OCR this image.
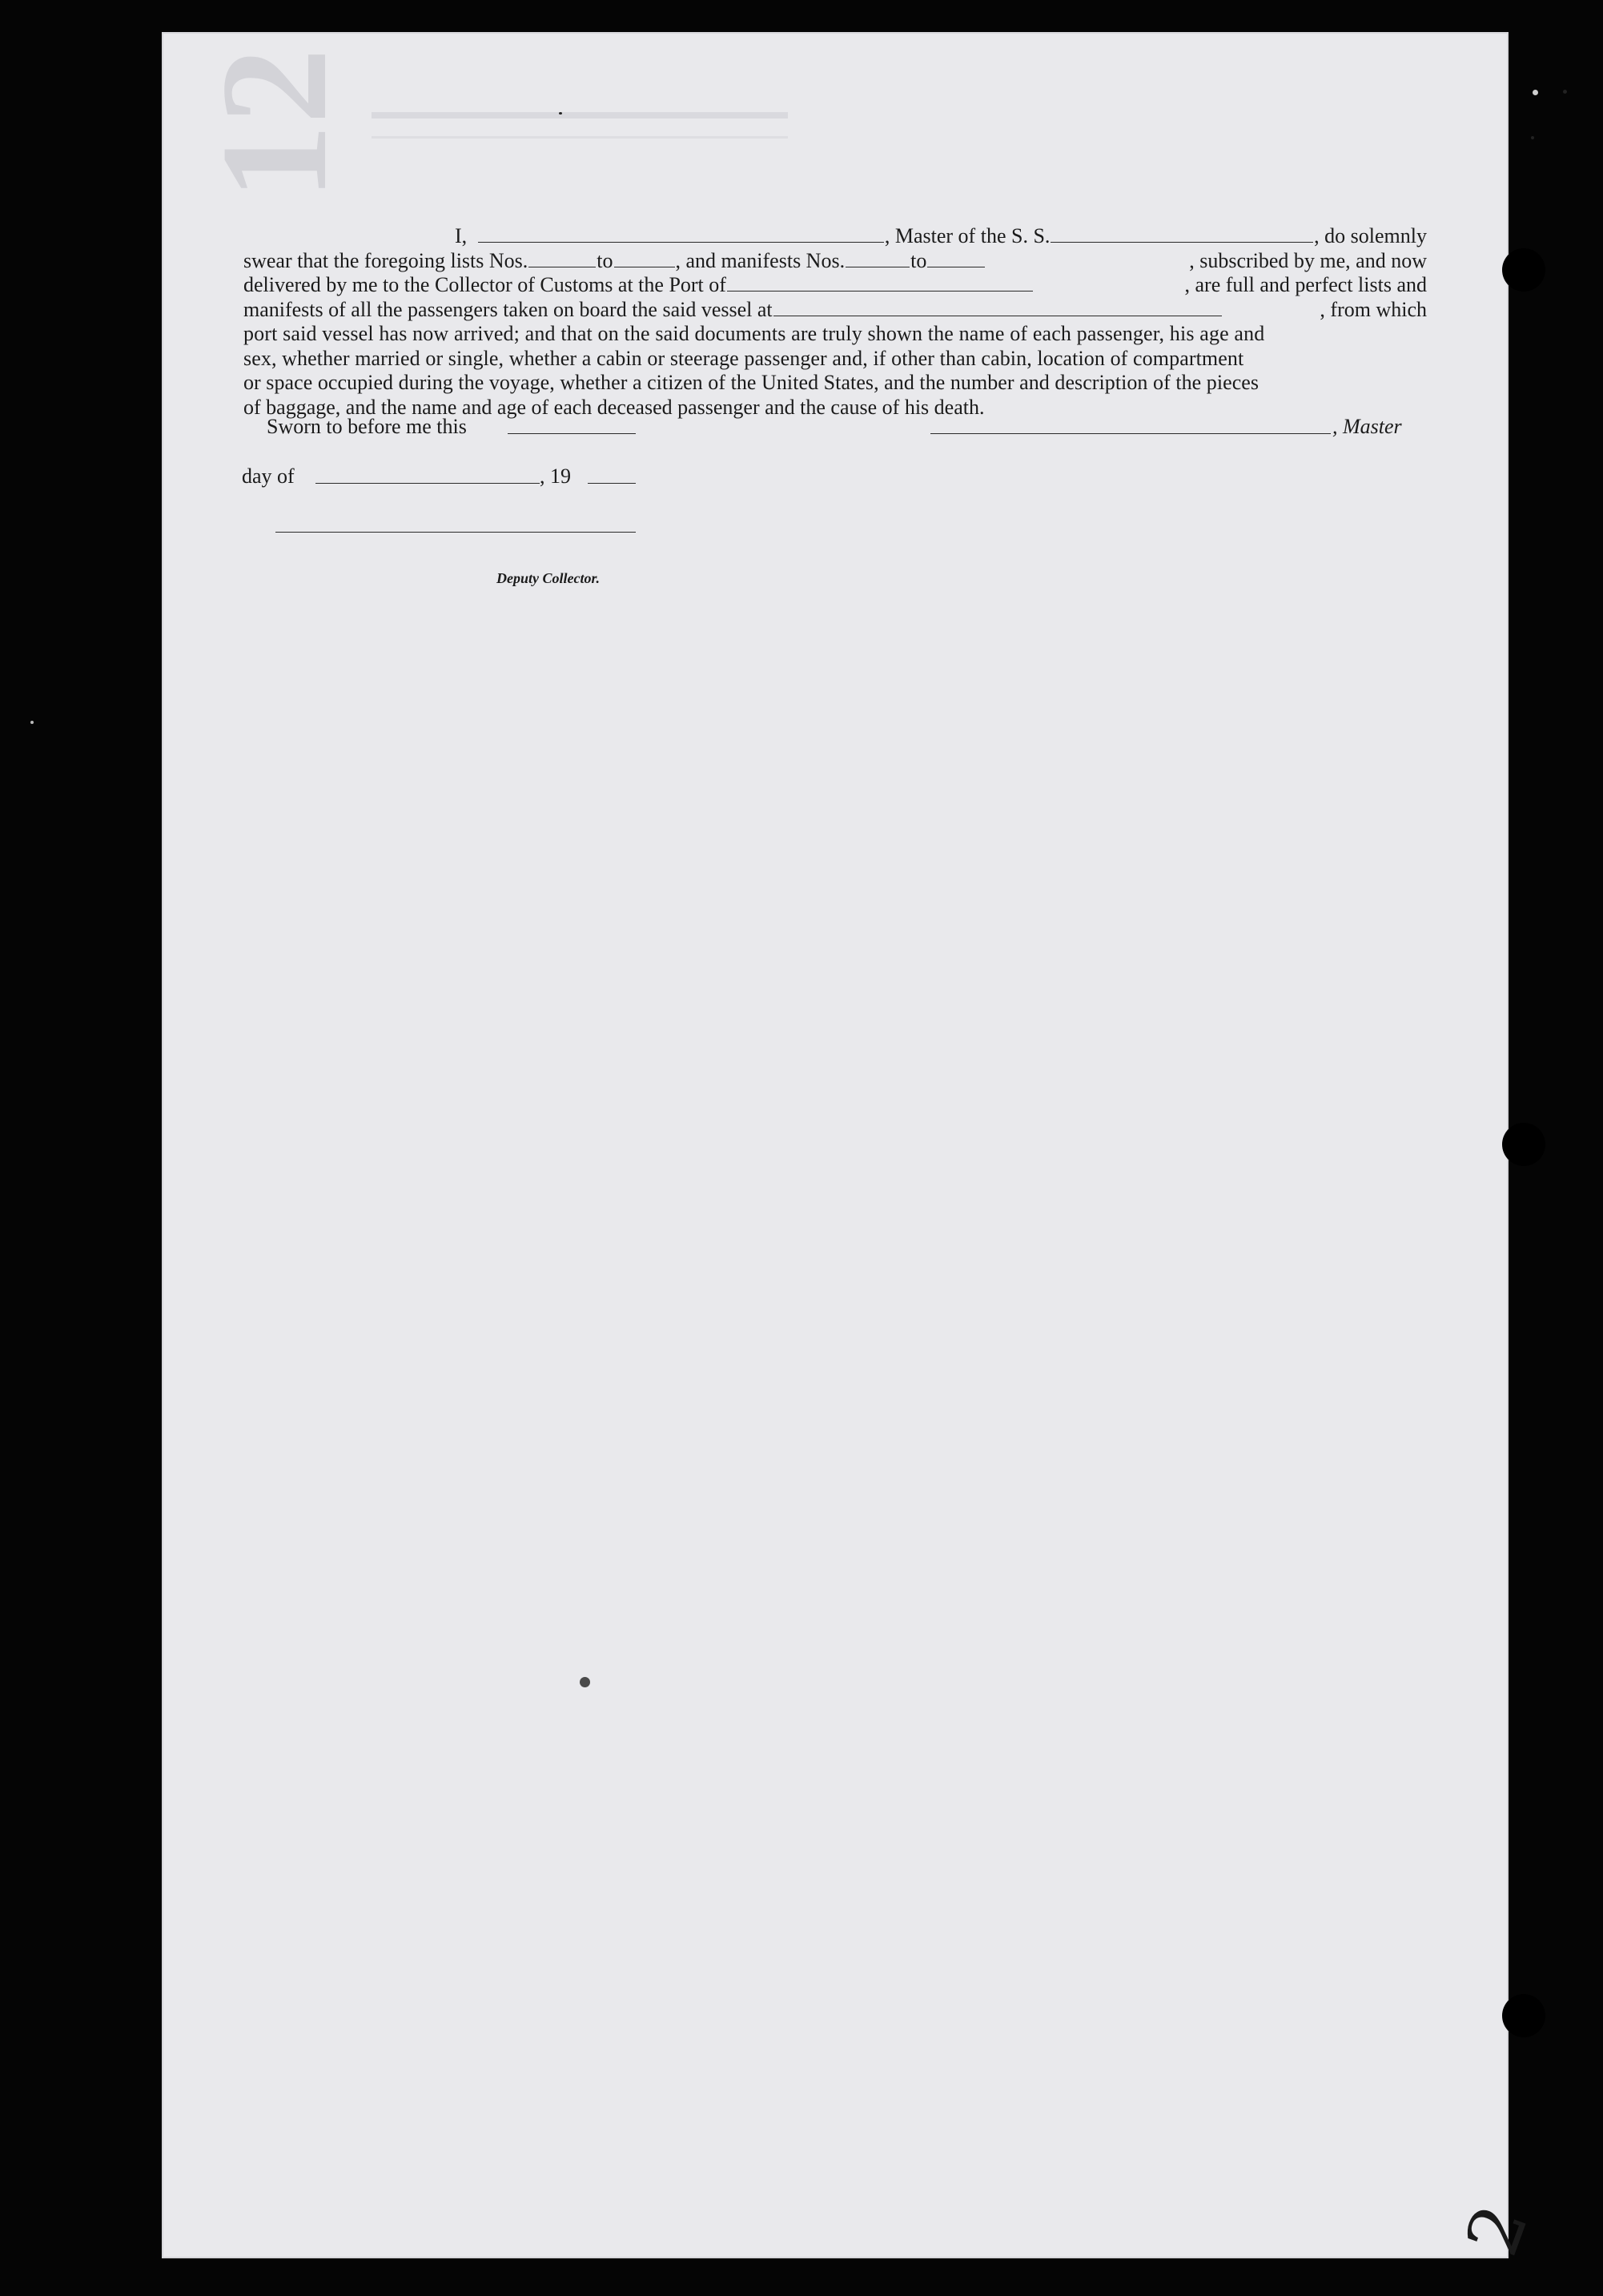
12
I,	, Master of the S. S.	, do solemnly
swear that the foregoing lists Nos.	to	, and manifests Nos.	to	, subscribed by me, and now
delivered by me to the Collector of Customs at the Port of	, are full and perfect lists and
manifests of all the passengers taken on board the said vessel at	, from which
port said vessel has now arrived; and that on the said documents are truly shown the name of each passenger, his age and
sex, whether married or single, whether a cabin or steerage passenger and, if other than cabin, location of compartment
or space occupied during the voyage, whether a citizen of the United States, and the number and description of the pieces
of baggage, and the name and age of each deceased passenger and the cause of his death.
Sworn to before me this	, Master
day of	, 19
Deputy Collector.
2
